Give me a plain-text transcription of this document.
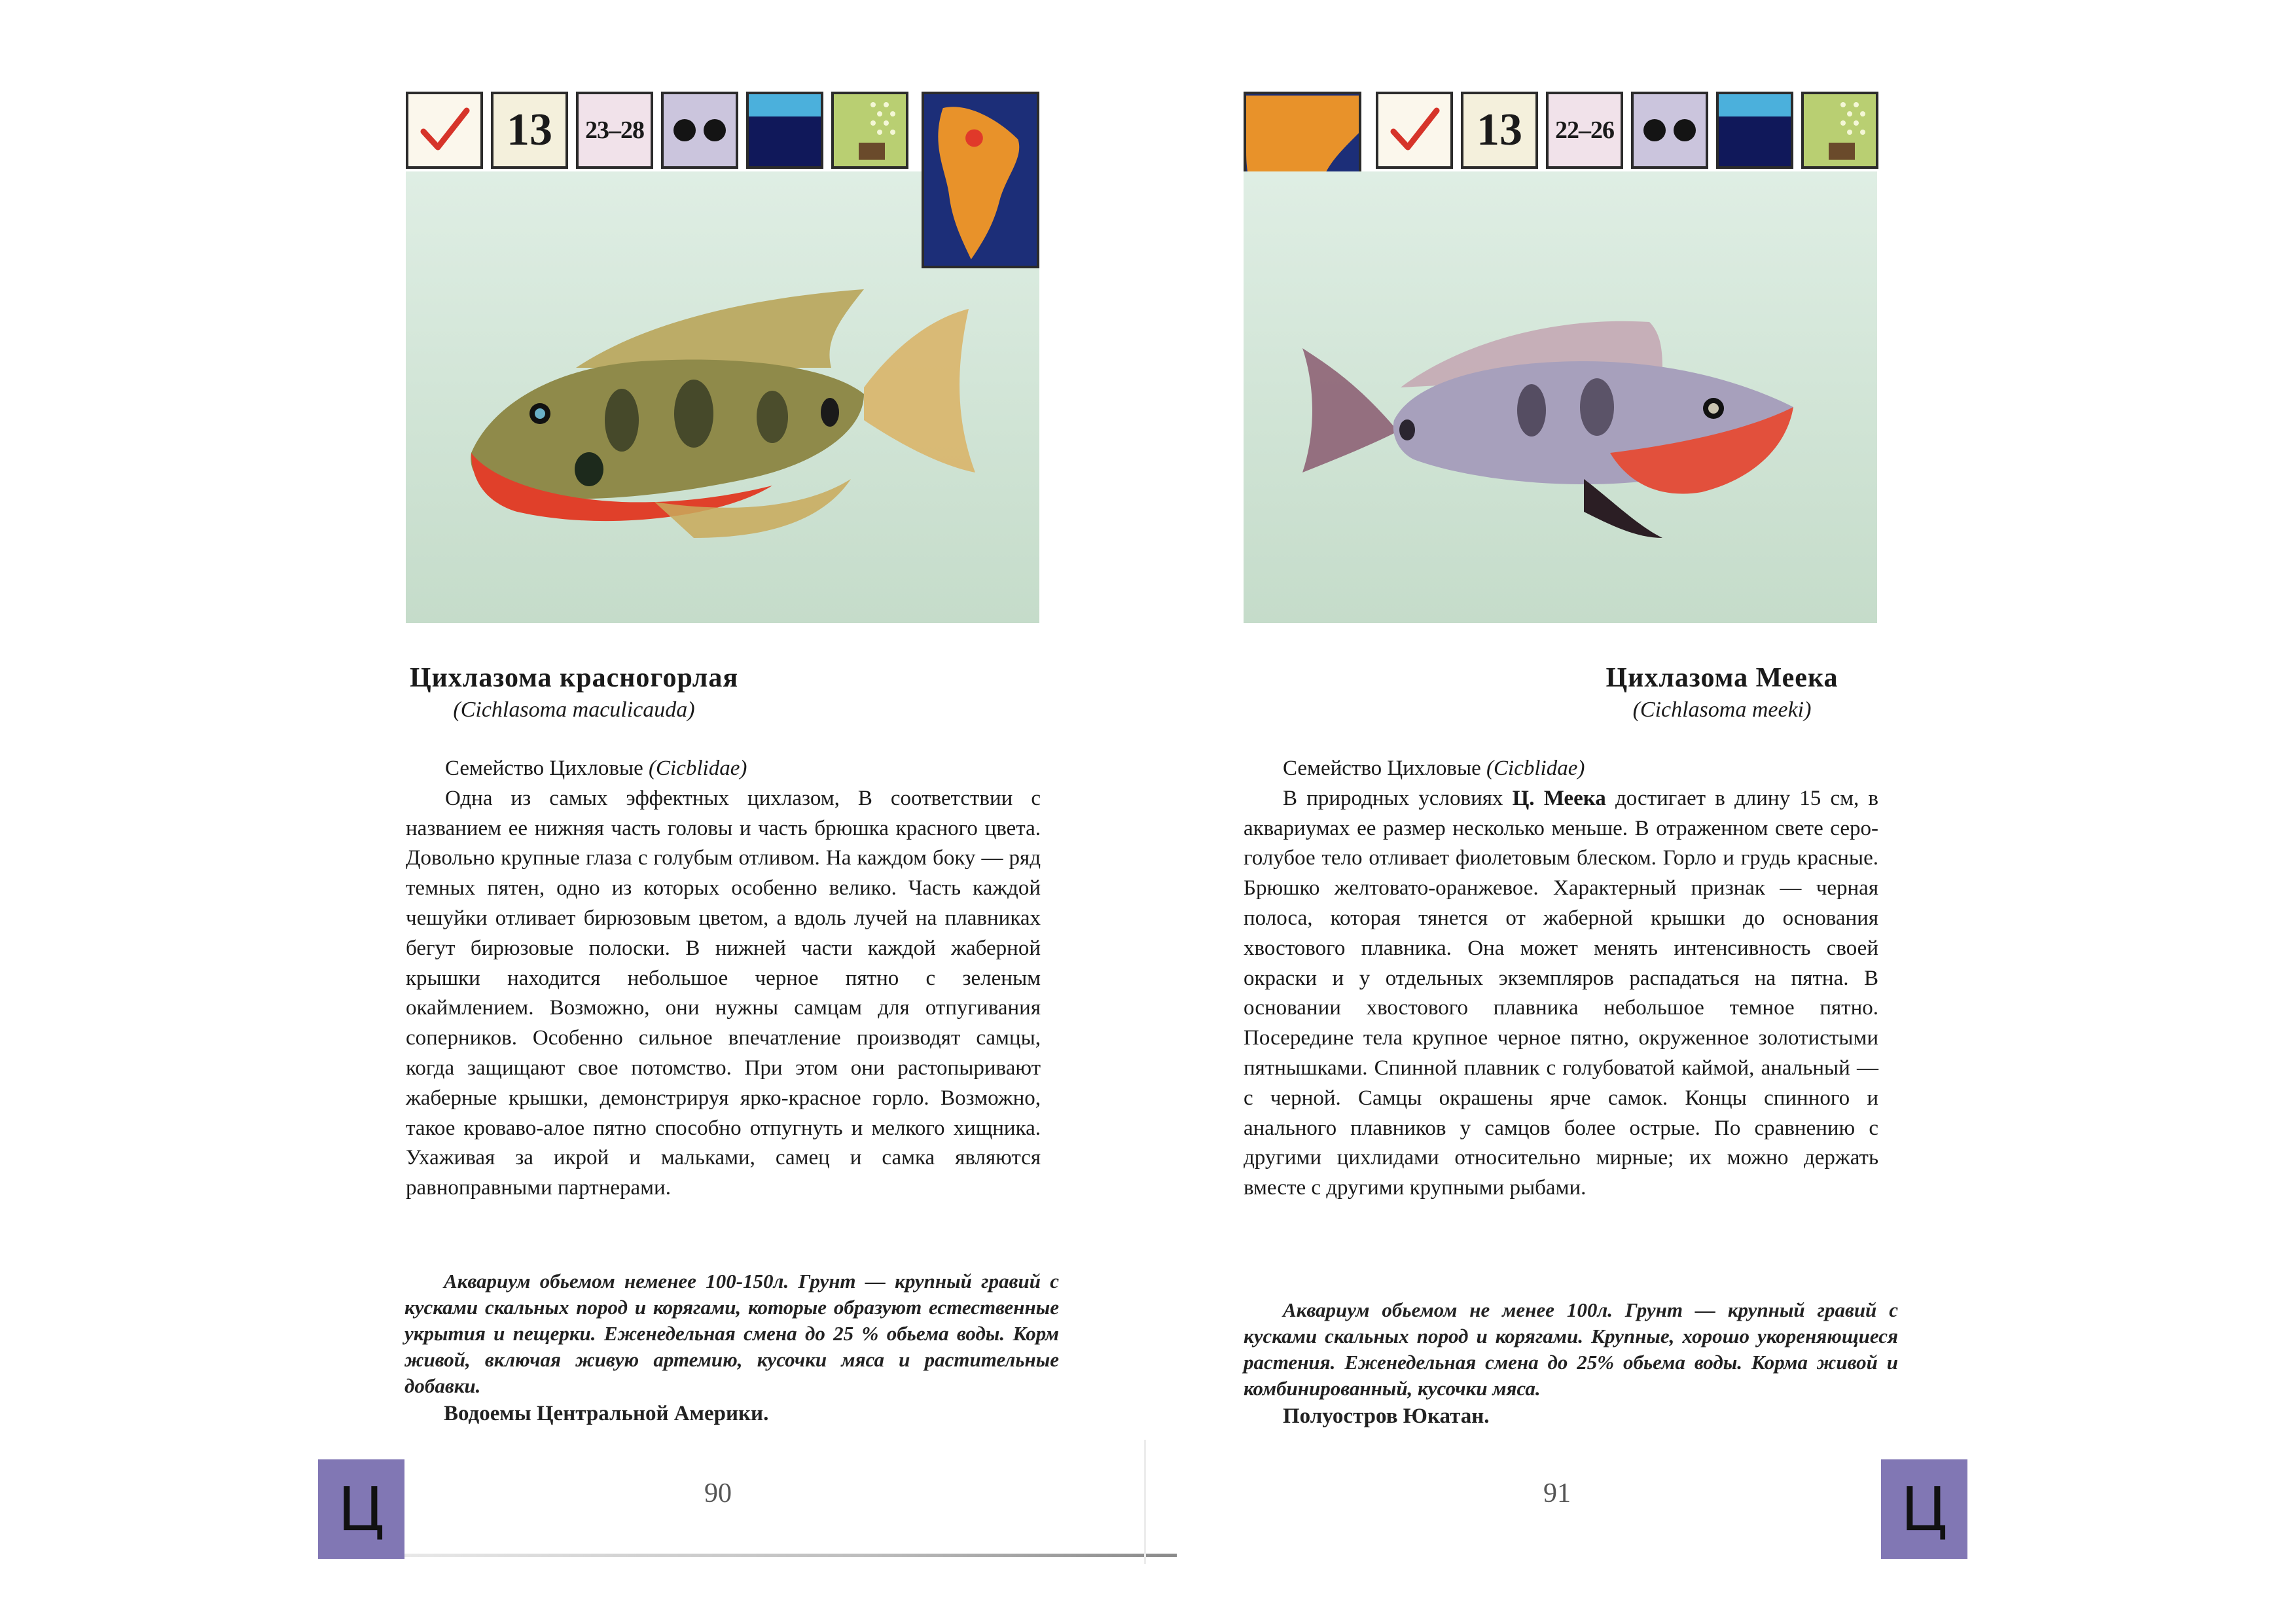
13	23–28
Цихлазома красногорлая
(Cichlasoma maculicauda)

Семейство Цихловые (Cicblidae)

Одна из самых эффектных цихлазом, В соответствии с названием ее нижняя часть головы и часть брюшка красного цвета. Довольно крупные глаза с голубым отливом. На каждом боку — ряд темных пятен, одно из которых особенно велико. Часть каждой чешуйки отливает бирюзовым цветом, а вдоль лучей на плавниках бегут бирюзовые полоски. В нижней части каждой жаберной крышки находится небольшое черное пятно с зеленым окаймлением. Возможно, они нужны самцам для отпугивания соперников. Особенно сильное впечатление производят самцы, когда защищают свое потомство. При этом они растопыривают жаберные крышки, демонстрируя ярко-красное горло. Возможно, такое кроваво-алое пятно способно отпугнуть и мелкого хищника. Ухаживая за икрой и мальками, самец и самка являются равноправными партнерами.

Аквариум обьемом неменее 100-150л. Грунт — крупный гравий с кусками скальных пород и корягами, которые образуют естественные укрытия и пещерки. Еженедельная смена до 25 % обьема воды. Корм живой, включая живую артемию, кусочки мяса и растительные добавки.

Водоемы Центральной Америки.

Ц	90
13	22–26
Цихлазома Меека
(Cichlasoma meeki)

Семейство Цихловые (Cicblidae)

В природных условиях Ц. Меека достигает в длину 15 см, в аквариумах ее размер несколько меньше. В отраженном свете серо-голубое тело отливает фиолетовым блеском. Горло и грудь красные. Брюшко желтовато-оранжевое. Характерный признак — черная полоса, которая тянется от жаберной крышки до основания хвостового плавника. Она может менять интенсивность своей окраски и у отдельных экземпляров распадаться на пятна. В основании хвостового плавника небольшое темное пятно. Посередине тела крупное черное пятно, окруженное золотистыми пятнышками. Спинной плавник с голубоватой каймой, анальный — с черной. Самцы окрашены ярче самок. Концы спинного и анального плавников у самцов более острые. По сравнению с другими цихлидами относительно мирные; их можно держать вместе с другими крупными рыбами.

Аквариум обьемом не менее 100л. Грунт — крупный гравий с кусками скальных пород и корягами. Крупные, хорошо укореняющиеся растения. Еженедельная смена до 25% обьема воды. Корма живой и комбинированный, кусочки мяса.

Полуостров Юкатан.

91	Ц
